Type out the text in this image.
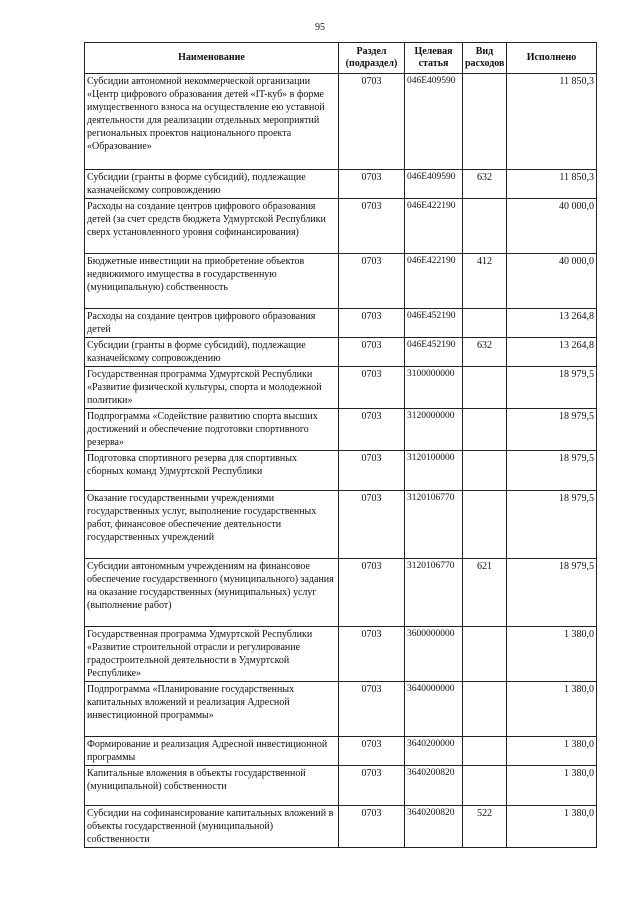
95
Наименование	Раздел (подраздел)	Целевая статья	Вид расходов	Исполнено
Субсидии автономной некоммерческой организации «Центр цифрового образования детей «IT-куб» в форме имущественного взноса на осуществление ею уставной деятельности для реализации отдельных мероприятий региональных проектов национального проекта «Образование»	0703	046E409590		11 850,3
Субсидии (гранты в форме субсидий), подлежащие казначейскому сопровождению	0703	046E409590	632	11 850,3
Расходы на создание центров цифрового образования детей (за счет средств бюджета Удмуртской Республики сверх установленного уровня софинансирования)	0703	046E422190		40 000,0
Бюджетные инвестиции на приобретение объектов недвижимого имущества в государственную (муниципальную) собственность	0703	046E422190	412	40 000,0
Расходы на создание центров цифрового образования детей	0703	046E452190		13 264,8
Субсидии (гранты в форме субсидий), подлежащие казначейскому сопровождению	0703	046E452190	632	13 264,8
Государственная программа Удмуртской Республики «Развитие физической культуры, спорта и молодежной политики»	0703	3100000000		18 979,5
Подпрограмма «Содействие развитию спорта высших достижений и обеспечение подготовки спортивного резерва»	0703	3120000000		18 979,5
Подготовка спортивного резерва для спортивных сборных команд Удмуртской Республики	0703	3120100000		18 979,5
Оказание государственными учреждениями государственных услуг, выполнение государственных работ, финансовое обеспечение деятельности государственных учреждений	0703	3120106770		18 979,5
Субсидии автономным учреждениям на финансовое обеспечение государственного (муниципального) задания на оказание государственных (муниципальных) услуг (выполнение работ)	0703	3120106770	621	18 979,5
Государственная программа Удмуртской Республики «Развитие строительной отрасли и регулирование градостроительной деятельности в Удмуртской Республике»	0703	3600000000		1 380,0
Подпрограмма «Планирование государственных капитальных вложений и реализация Адресной инвестиционной программы»	0703	3640000000		1 380,0
Формирование и реализация Адресной инвестиционной программы	0703	3640200000		1 380,0
Капитальные вложения в объекты государственной (муниципальной) собственности	0703	3640200820		1 380,0
Субсидии на софинансирование капитальных вложений в объекты государственной (муниципальной) собственности	0703	3640200820	522	1 380,0
